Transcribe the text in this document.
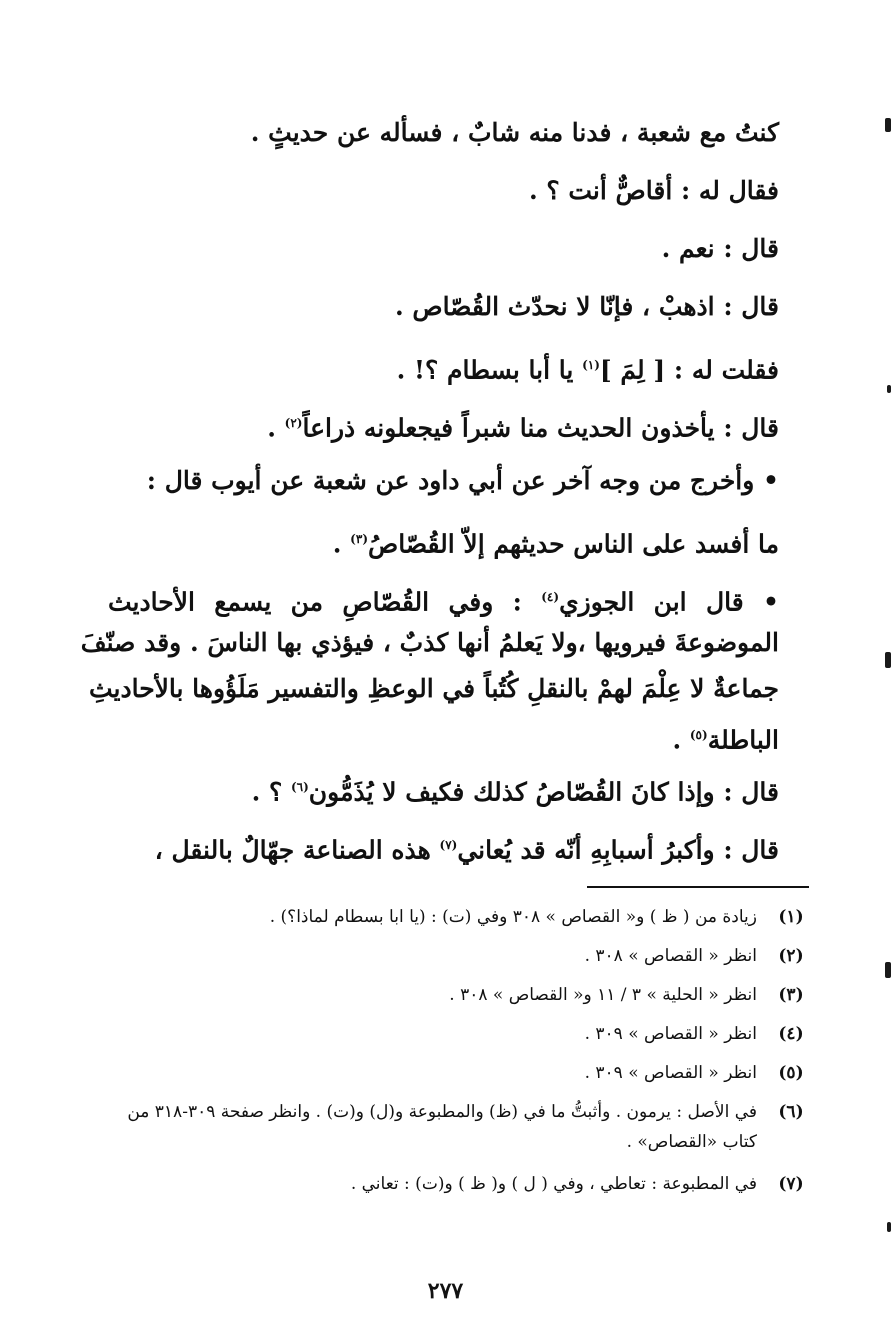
كنتُ مع شعبة ، فدنا منه شابٌ ، فسأله عن حديثٍ .
فقال له : أقاصٌّ أنت ؟ .
قال : نعم .
قال : اذهبْ ، فإنّا لا نحدّث القُصّاص .
فقلت له : [ لِمَ ]$^{(١)}$ يا أبا بسطام ؟! .
قال : يأخذون الحديث منا شبراً فيجعلونه ذراعاً$^{(٢)}$ .
• وأخرج من وجه آخر عن أبي داود عن شعبة عن أيوب قال :
ما أفسد على الناس حديثهم إلاّ القُصّاصُ$^{(٣)}$ .
• قال ابن الجوزي$^{(٤)}$ : وفي القُصّاصِ من يسمع الأحاديث
الموضوعةَ فيرويها ،ولا يَعلمُ أنها كذبٌ ، فيؤذي بها الناسَ . وقد صنّفَ
جماعةٌ لا عِلْمَ لهمْ بالنقلِ كُتُباً في الوعظِ والتفسير مَلَؤُوها بالأحاديثِ
الباطلة$^{(٥)}$ .
قال : وإذا كانَ القُصّاصُ كذلك فكيف لا يُذَمُّون$^{(٦)}$ ؟ .
قال : وأكبرُ أسبابِهِ أنّه قد يُعاني$^{(٧)}$ هذه الصناعة جهّالٌ بالنقل ،
(١)
زيادة من ( ظ ) و« القصاص » ٣٠٨ وفي (ت) : (يا ابا بسطام لماذا؟) .
(٢)
انظر « القصاص » ٣٠٨ .
(٣)
انظر « الحلية » ٣ / ١١ و« القصاص » ٣٠٨ .
(٤)
انظر « القصاص » ٣٠٩ .
(٥)
انظر « القصاص » ٣٠٩ .
(٦)
في الأصل : يرمون . وأثبتُّ ما في (ظ) والمطبوعة و(ل) و(ت) . وانظر صفحة ٣٠٩-٣١٨ من كتاب «القصاص» .
(٧)
في المطبوعة : تعاطي ، وفي ( ل ) و( ظ ) و(ت) : تعاني .
٢٧٧
